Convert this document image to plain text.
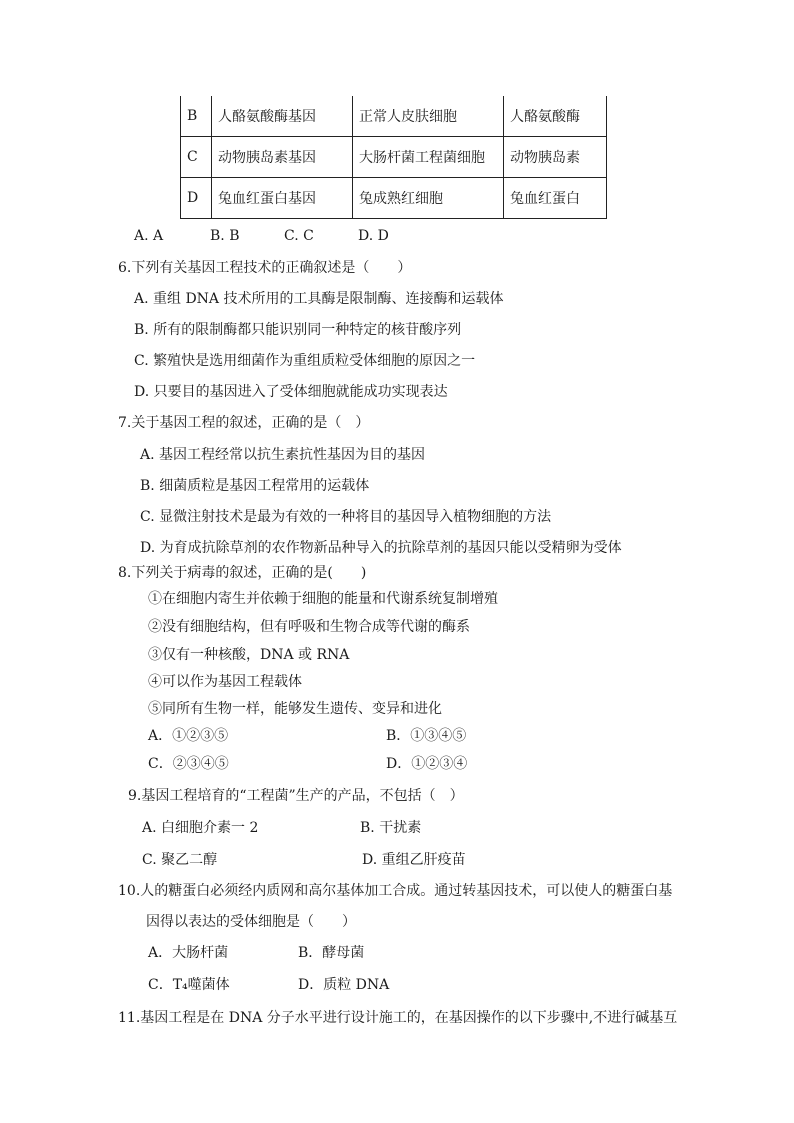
B	人酪氨酸酶基因	正常人皮肤细胞	人酪氨酸酶
C	动物胰岛素基因	大肠杆菌工程菌细胞	动物胰岛素
D	兔血红蛋白基因	兔成熟红细胞	兔血红蛋白
A. A	B. B	C. C	D. D
6.下列有关基因工程技术的正确叙述是（　　）
A. 重组 DNA 技术所用的工具酶是限制酶、连接酶和运载体
B. 所有的限制酶都只能识别同一种特定的核苷酸序列
C. 繁殖快是选用细菌作为重组质粒受体细胞的原因之一
D. 只要目的基因进入了受体细胞就能成功实现表达
7.关于基因工程的叙述，正确的是（　）
A. 基因工程经常以抗生素抗性基因为目的基因
B. 细菌质粒是基因工程常用的运载体
C. 显微注射技术是最为有效的一种将目的基因导入植物细胞的方法
D. 为育成抗除草剂的农作物新品种导入的抗除草剂的基因只能以受精卵为受体
8.下列关于病毒的叙述，正确的是(　　)
①在细胞内寄生并依赖于细胞的能量和代谢系统复制增殖
②没有细胞结构，但有呼吸和生物合成等代谢的酶系
③仅有一种核酸，DNA 或 RNA
④可以作为基因工程载体
⑤同所有生物一样，能够发生遗传、变异和进化
A．①②③⑤	B．①③④⑤
C．②③④⑤	D．①②③④
9.基因工程培育的“工程菌”生产的产品，不包括（　）
A. 白细胞介素一 2	B. 干扰素
C. 聚乙二醇	D. 重组乙肝疫苗
10.人的糖蛋白必须经内质网和高尔基体加工合成。通过转基因技术，可以使人的糖蛋白基
因得以表达的受体细胞是（　　）
A．大肠杆菌	B．酵母菌
C．T₄噬菌体	D．质粒 DNA
11.基因工程是在 DNA 分子水平进行设计施工的，在基因操作的以下步骤中,不进行碱基互
